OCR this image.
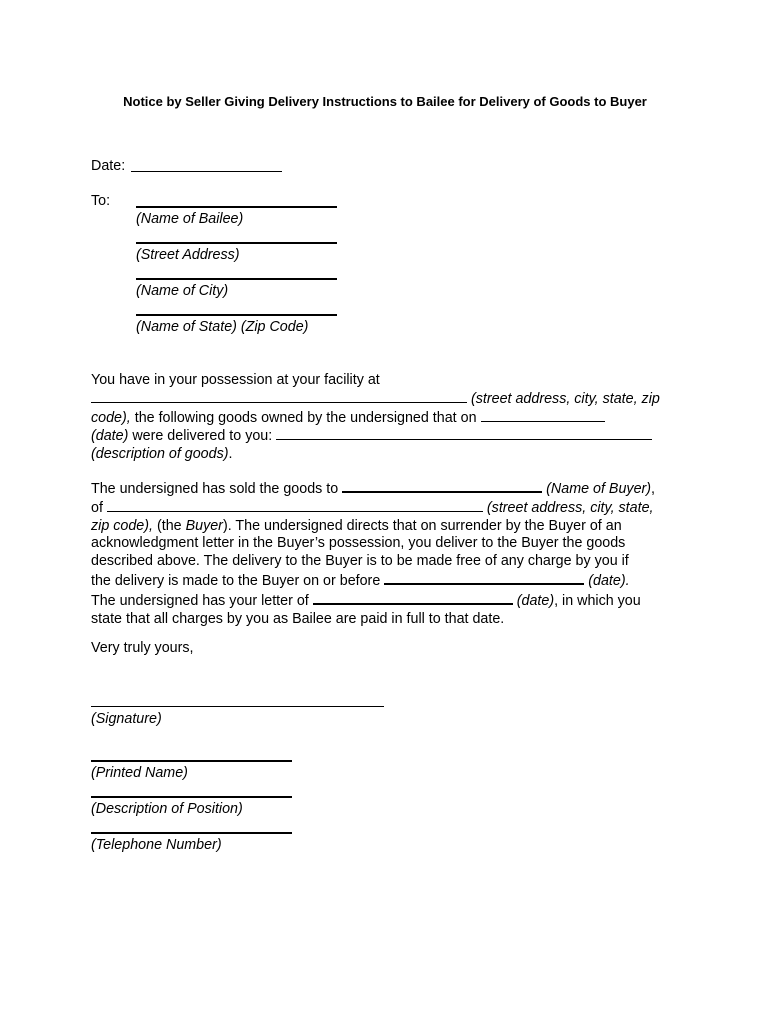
Notice by Seller Giving Delivery Instructions to Bailee for Delivery of Goods to Buyer
Date:
To:
(Name of Bailee)
(Street Address)
(Name of City)
(Name of State) (Zip Code)
You have in your possession at your facility at
(street address, city, state, zip
code), the following goods owned by the undersigned that on
(date) were delivered to you:
(description of goods).
The undersigned has sold the goods to	(Name of Buyer),
of	(street address, city, state,
zip code), (the Buyer). The undersigned directs that on surrender by the Buyer of an
acknowledgment letter in the Buyer’s possession, you deliver to the Buyer the goods
described above. The delivery to the Buyer is to be made free of any charge by you if
the delivery is made to the Buyer on or before	(date).
The undersigned has your letter of	(date), in which you
state that all charges by you as Bailee are paid in full to that date.
Very truly yours,
(Signature)
(Printed Name)
(Description of Position)
(Telephone Number)
